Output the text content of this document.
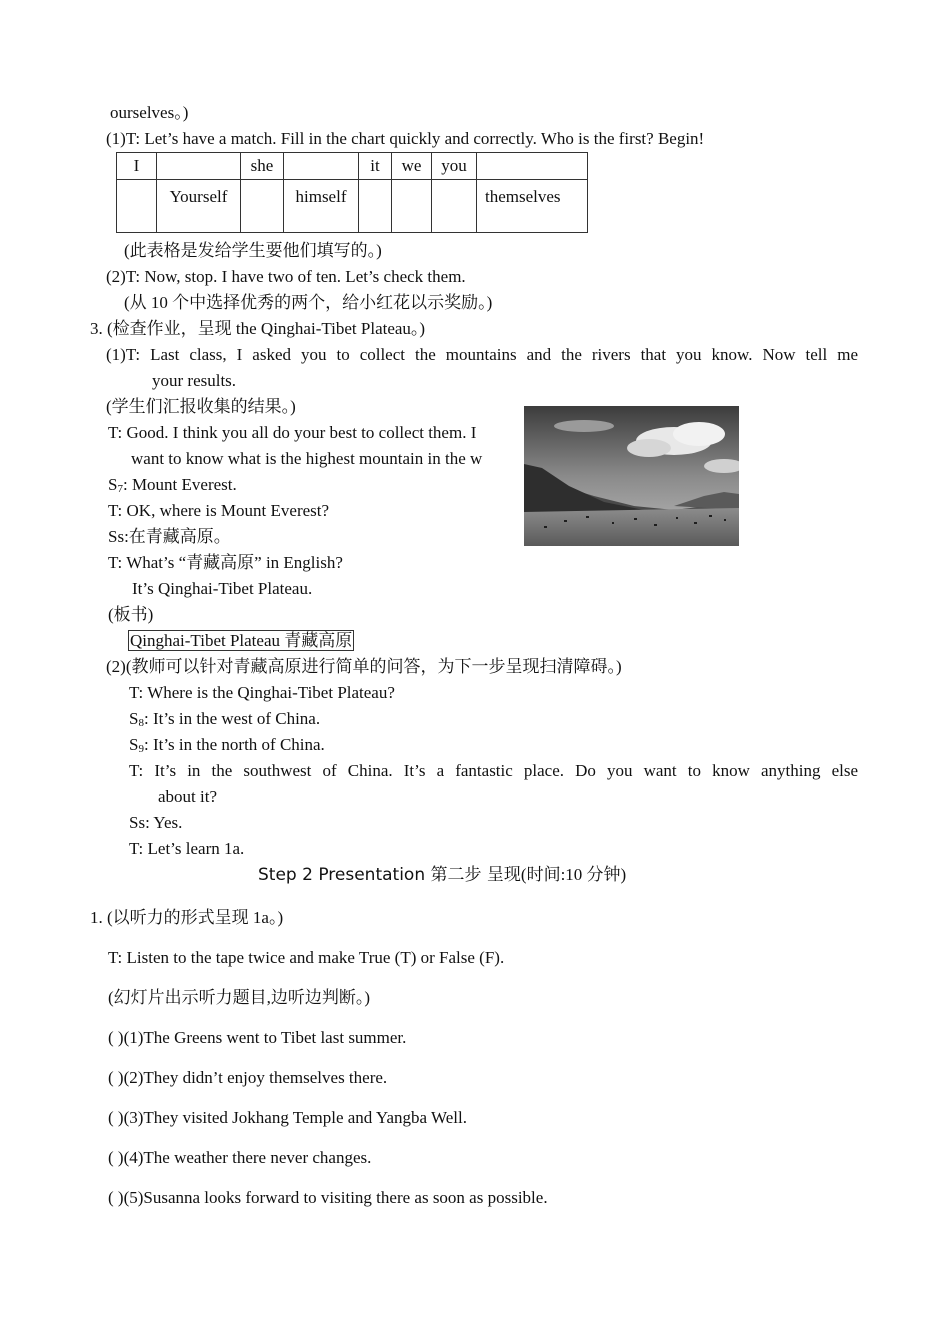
ourselves。)
(1)T: Let’s have a match. Fill in the chart quickly and correctly. Who is the first? Begin!
I		she		it	we	you	

	Yourself		himself				themselves
(此表格是发给学生要他们填写的。)
(2)T: Now, stop. I have two of ten. Let’s check them.
(从 10 个中选择优秀的两个，给小红花以示奖励。)
3. (检查作业，呈现 the Qinghai-Tibet Plateau。)
(1)T: Last class, I asked you to collect the mountains and the rivers that you know. Now tell me
your results.
(学生们汇报收集的结果。)
T: Good. I think you all do your best to collect them. I
want to know what is the highest mountain in the w
$S_7$: Mount Everest.
T: OK, where is Mount Everest?
Ss:在青藏高原。
T: What’s “青藏高原” in English?
It’s Qinghai-Tibet Plateau.
(板书)
Qinghai-Tibet Plateau 青藏高原
(2)(教师可以针对青藏高原进行简单的问答，为下一步呈现扫清障碍。)
T: Where is the Qinghai-Tibet Plateau?
$S_8$: It’s in the west of China.
$S_9$: It’s in the north of China.
T: It’s in the southwest of China. It’s a fantastic place. Do you want to know anything else
about it?
Ss: Yes.
T: Let’s learn 1a.
Step 2 Presentation 第二步 呈现(时间:10 分钟)
1. (以听力的形式呈现 1a。)
T: Listen to the tape twice and make True (T) or False (F).
(幻灯片出示听力题目,边听边判断。)
( )(1)The Greens went to Tibet last summer.
( )(2)They didn’t enjoy themselves there.
( )(3)They visited Jokhang Temple and Yangba Well.
( )(4)The weather there never changes.
( )(5)Susanna looks forward to visiting there as soon as possible.
